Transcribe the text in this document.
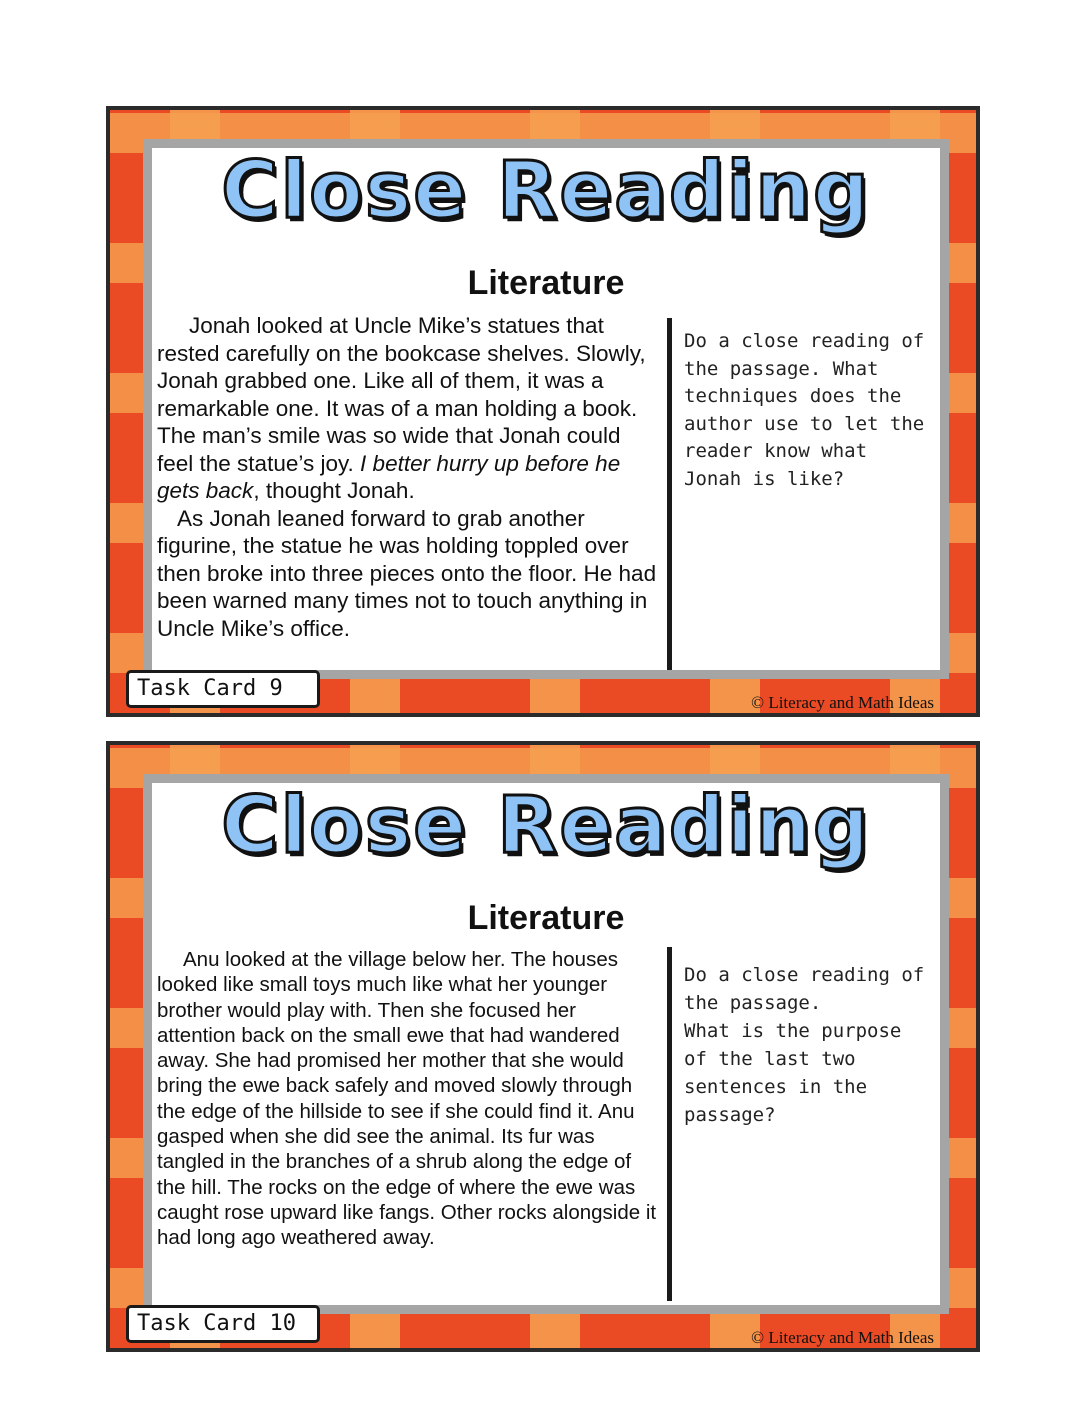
Close Reading
Literature

Jonah looked at Uncle Mike’s statues that rested carefully on the bookcase shelves. Slowly, Jonah grabbed one. Like all of them, it was a remarkable one. It was of a man holding a book. The man’s smile was so wide that Jonah could feel the statue’s joy. I better hurry up before he gets back, thought Jonah.

As Jonah leaned forward to grab another figurine, the statue he was holding toppled over then broke into three pieces onto the floor. He had been warned many times not to touch anything in Uncle Mike’s office.

Do a close reading of the passage. What techniques does the author use to let the reader know what Jonah is like?
Task Card 9
© Literacy and Math Ideas
Close Reading
Literature

Anu looked at the village below her. The houses looked like small toys much like what her younger brother would play with. Then she focused her attention back on the small ewe that had wandered away. She had promised her mother that she would bring the ewe back safely and moved slowly through the edge of the hillside to see if she could find it. Anu gasped when she did see the animal. Its fur was tangled in the branches of a shrub along the edge of the hill. The rocks on the edge of where the ewe was caught rose upward like fangs. Other rocks alongside it had long ago weathered away.

Do a close reading of the passage.
What is the purpose of the last two sentences in the passage?
Task Card 10
© Literacy and Math Ideas
